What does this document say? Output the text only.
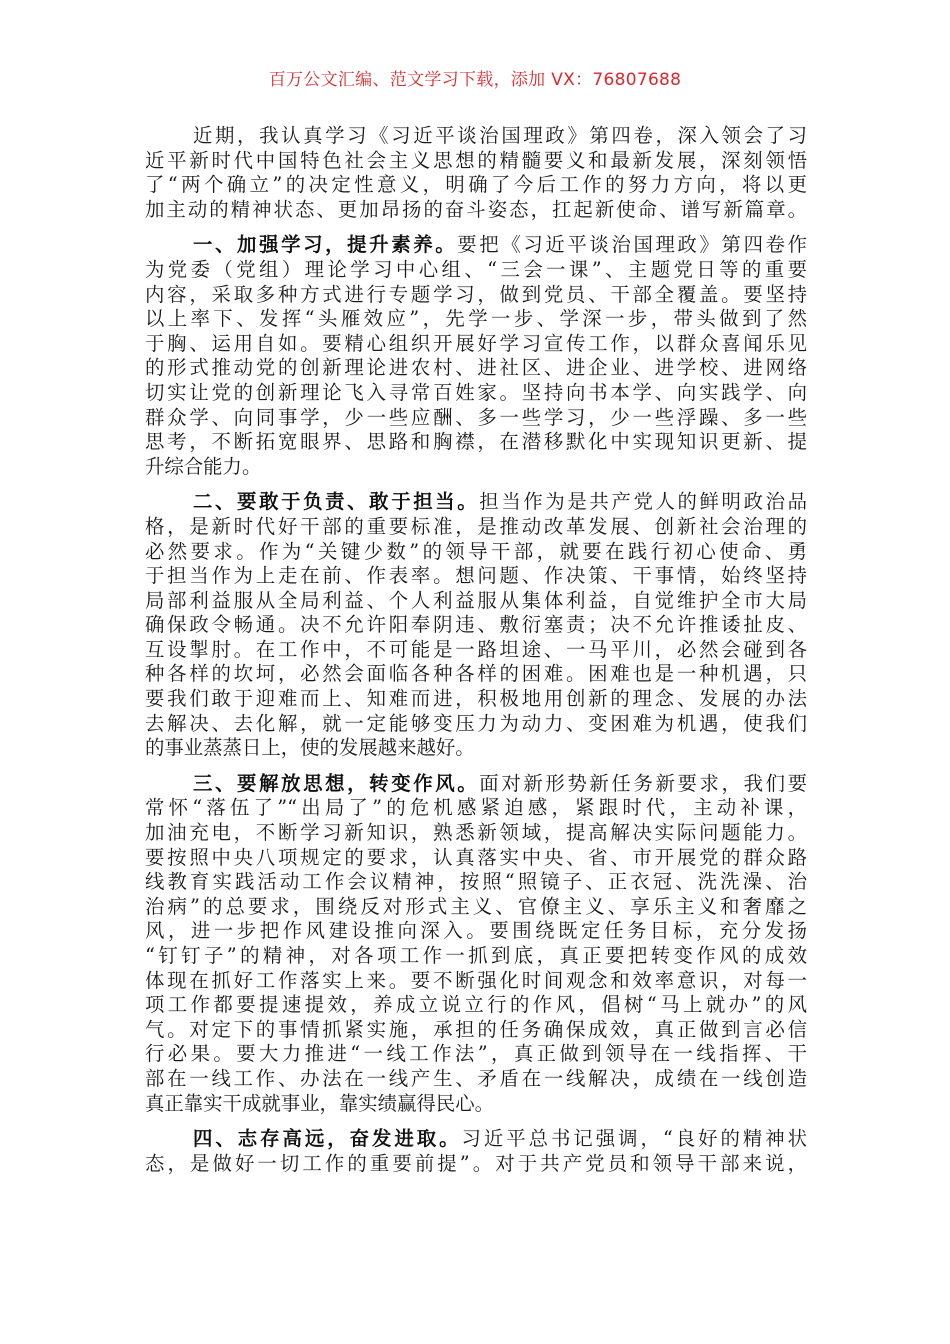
百万公文汇编、范文学习下载，添加 VX：76807688
近期，我认真学习《习近平谈治国理政》第四卷，深入领会了习
近平新时代中国特色社会主义思想的精髓要义和最新发展，深刻领悟
了“两个确立”的决定性意义，明确了今后工作的努力方向，将以更
加主动的精神状态、更加昂扬的奋斗姿态，扛起新使命、谱写新篇章。
一、加强学习，提升素养。要把《习近平谈治国理政》第四卷作
为党委（党组）理论学习中心组、“三会一课”、主题党日等的重要
内容，采取多种方式进行专题学习，做到党员、干部全覆盖。要坚持
以上率下、发挥“头雁效应”，先学一步、学深一步，带头做到了然
于胸、运用自如。要精心组织开展好学习宣传工作，以群众喜闻乐见
的形式推动党的创新理论进农村、进社区、进企业、进学校、进网络
切实让党的创新理论飞入寻常百姓家。坚持向书本学、向实践学、向
群众学、向同事学，少一些应酬、多一些学习，少一些浮躁、多一些
思考，不断拓宽眼界、思路和胸襟，在潜移默化中实现知识更新、提
升综合能力。
二、要敢于负责、敢于担当。担当作为是共产党人的鲜明政治品
格，是新时代好干部的重要标准，是推动改革发展、创新社会治理的
必然要求。作为“关键少数”的领导干部，就要在践行初心使命、勇
于担当作为上走在前、作表率。想问题、作决策、干事情，始终坚持
局部利益服从全局利益、个人利益服从集体利益，自觉维护全市大局
确保政令畅通。决不允许阳奉阴违、敷衍塞责；决不允许推诿扯皮、
互设掣肘。在工作中，不可能是一路坦途、一马平川，必然会碰到各
种各样的坎坷，必然会面临各种各样的困难。困难也是一种机遇，只
要我们敢于迎难而上、知难而进，积极地用创新的理念、发展的办法
去解决、去化解，就一定能够变压力为动力、变困难为机遇，使我们
的事业蒸蒸日上，使的发展越来越好。
三、要解放思想，转变作风。面对新形势新任务新要求，我们要
常怀“落伍了”“出局了”的危机感紧迫感，紧跟时代，主动补课，
加油充电，不断学习新知识，熟悉新领域，提高解决实际问题能力。
要按照中央八项规定的要求，认真落实中央、省、市开展党的群众路
线教育实践活动工作会议精神，按照“照镜子、正衣冠、洗洗澡、治
治病”的总要求，围绕反对形式主义、官僚主义、享乐主义和奢靡之
风，进一步把作风建设推向深入。要围绕既定任务目标，充分发扬
“钉钉子”的精神，对各项工作一抓到底，真正要把转变作风的成效
体现在抓好工作落实上来。要不断强化时间观念和效率意识，对每一
项工作都要提速提效，养成立说立行的作风，倡树“马上就办”的风
气。对定下的事情抓紧实施，承担的任务确保成效，真正做到言必信
行必果。要大力推进“一线工作法”，真正做到领导在一线指挥、干
部在一线工作、办法在一线产生、矛盾在一线解决，成绩在一线创造
真正靠实干成就事业，靠实绩赢得民心。
四、志存高远，奋发进取。习近平总书记强调，“良好的精神状
态，是做好一切工作的重要前提”。对于共产党员和领导干部来说，
